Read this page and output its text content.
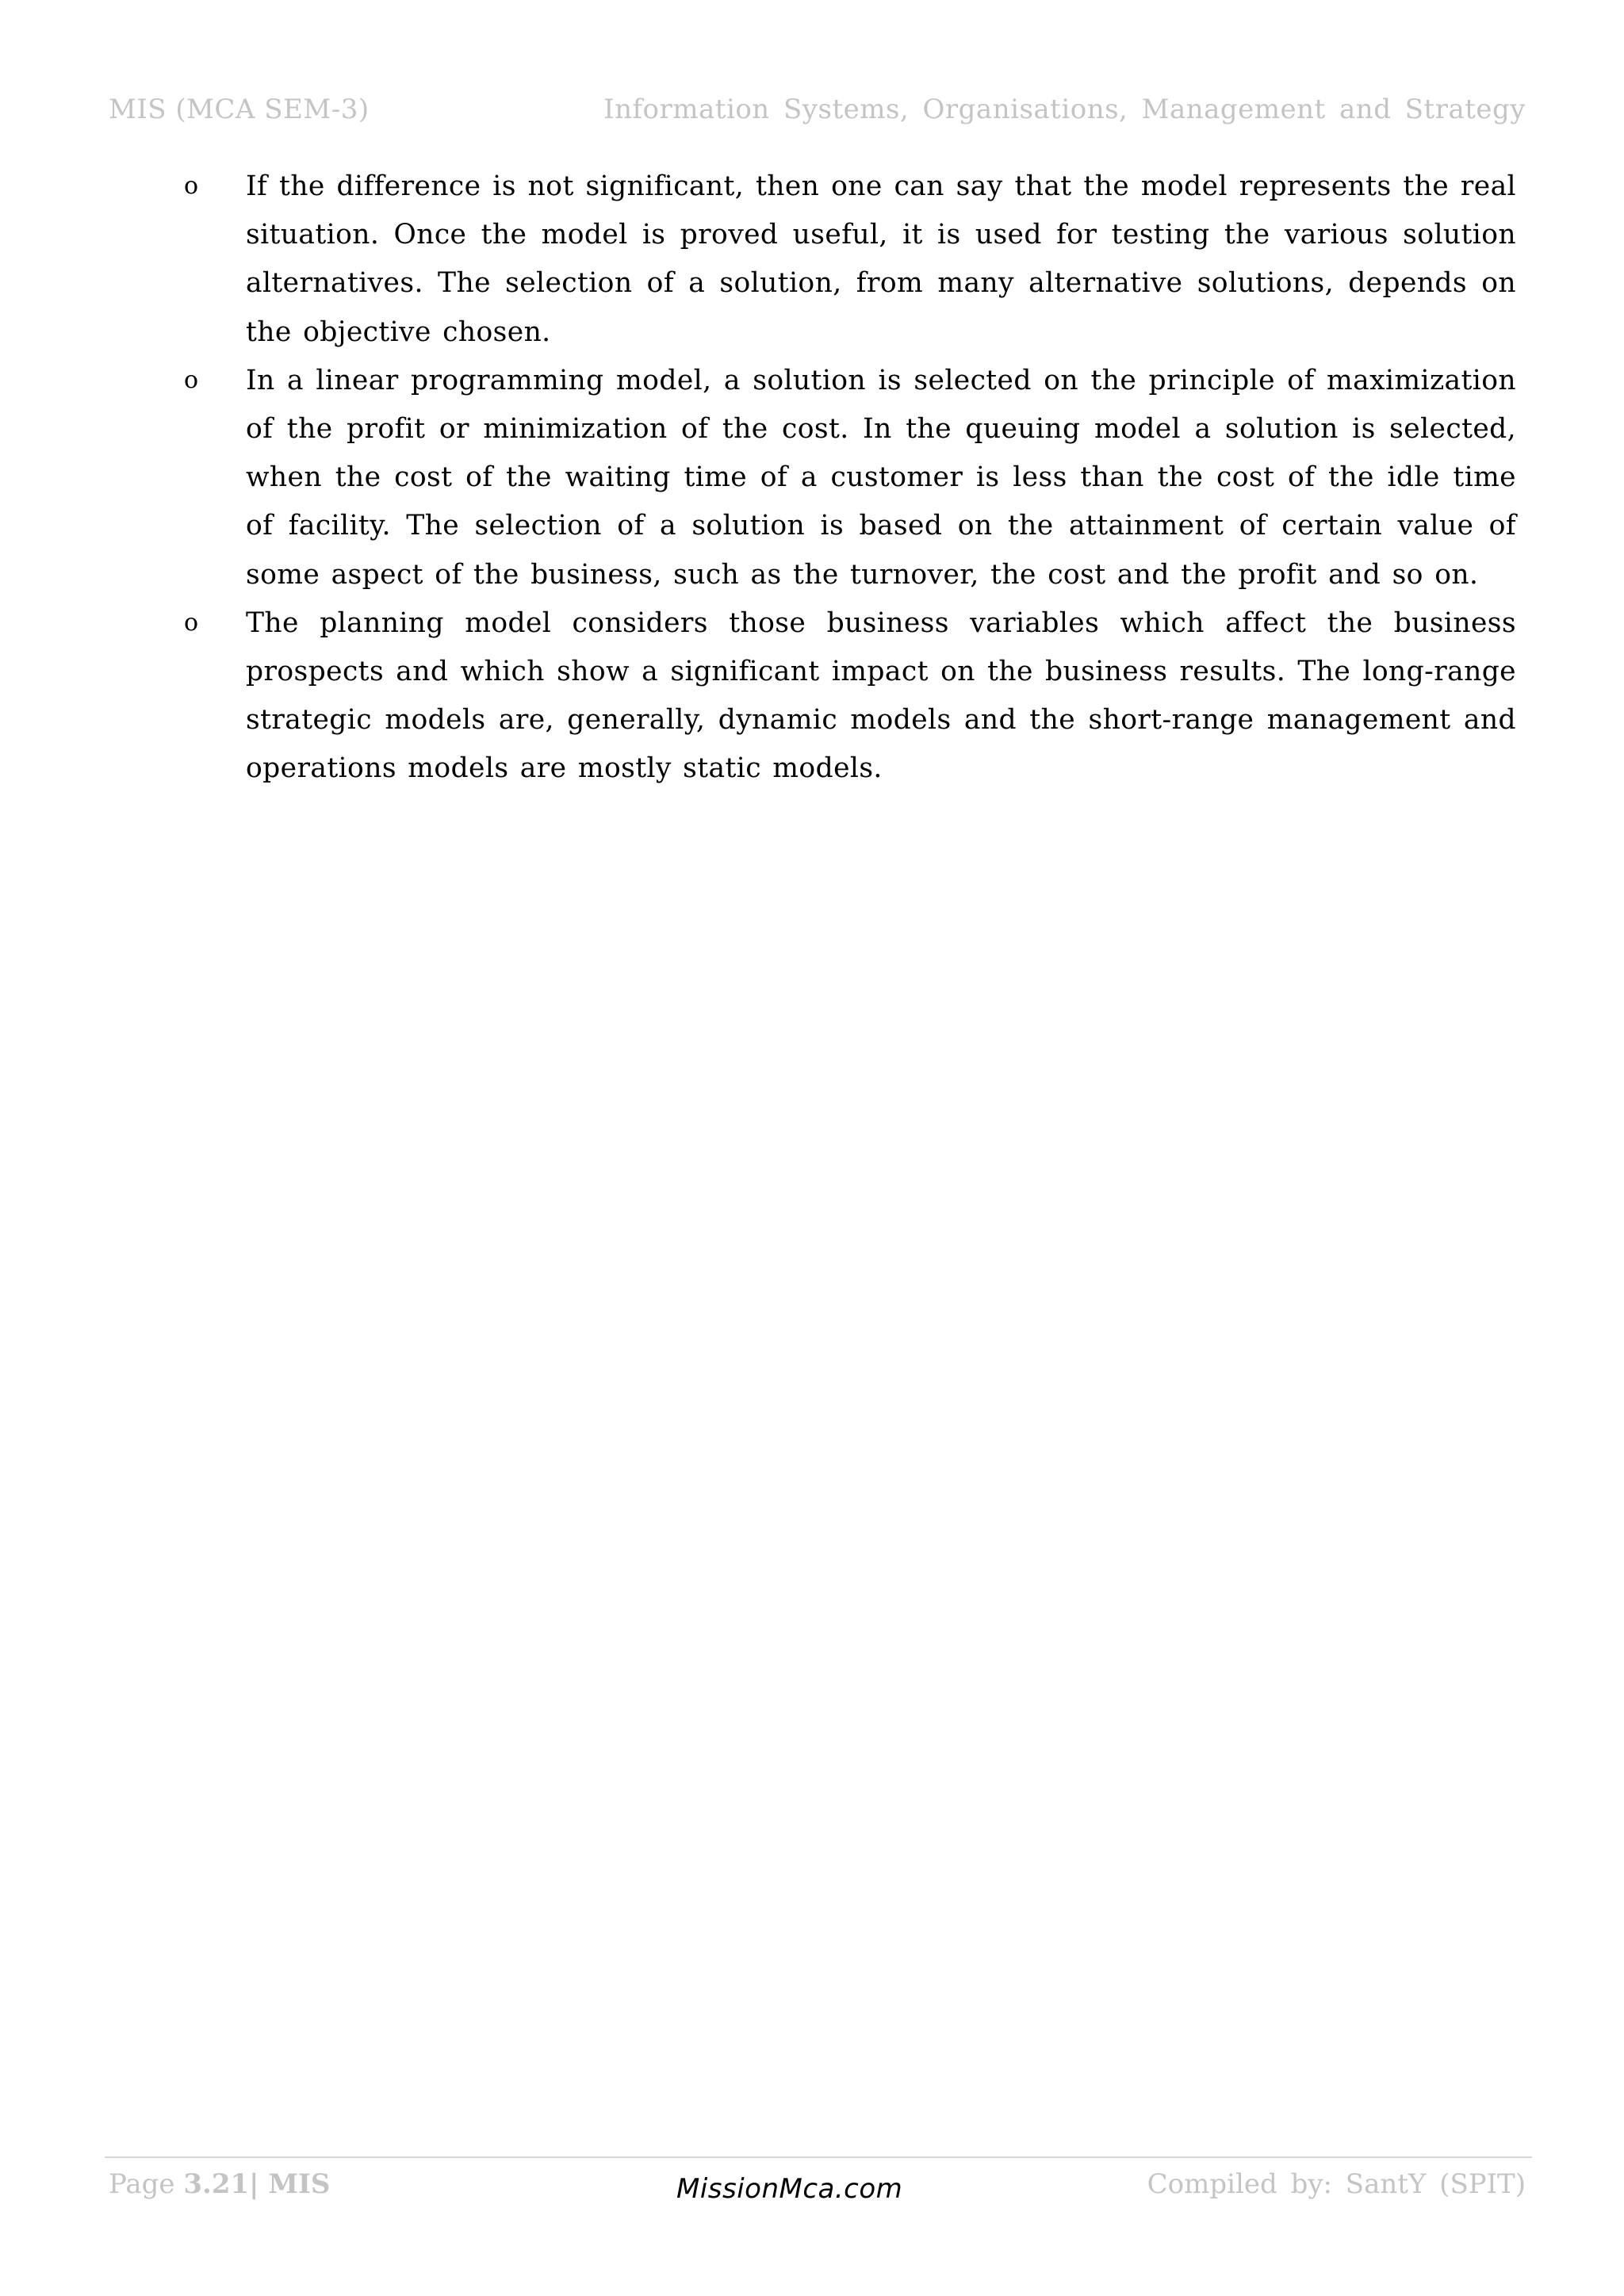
MIS (MCA SEM-3)	Information Systems, Organisations, Management and Strategy
o If the difference is not significant, then one can say that the model represents the real situation. Once the model is proved useful, it is used for testing the various solution alternatives. The selection of a solution, from many alternative solutions, depends on the objective chosen.
o In a linear programming model, a solution is selected on the principle of maximization of the profit or minimization of the cost. In the queuing model a solution is selected, when the cost of the waiting time of a customer is less than the cost of the idle time of facility. The selection of a solution is based on the attainment of certain value of some aspect of the business, such as the turnover, the cost and the profit and so on.
o The planning model considers those business variables which affect the business prospects and which show a significant impact on the business results. The long-range strategic models are, generally, dynamic models and the short-range management and operations models are mostly static models.
Page 3.21| MIS	MissionMca.com	Compiled by: SantY (SPIT)
